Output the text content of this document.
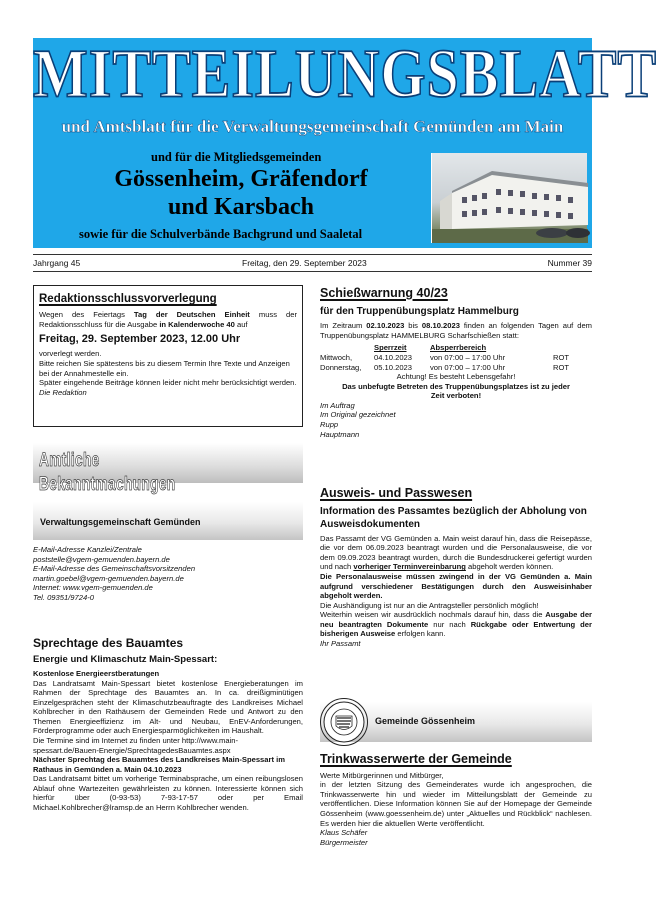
MITTEILUNGSBLATT
und Amtsblatt für die Verwaltungsgemeinschaft Gemünden am Main
und für die Mitgliedsgemeinden
Gössenheim, Gräfendorf
und Karsbach
sowie für die Schulverbände Bachgrund und Saaletal
Jahrgang 45	Freitag, den 29. September 2023	Nummer 39
Redaktionsschlussvorverlegung

Wegen des Feiertags Tag der Deutschen Einheit muss der Redaktionsschluss für die Ausgabe in Kalenderwoche 40 auf

Freitag, 29. September 2023, 12.00 Uhr

vorverlegt werden.

Bitte reichen Sie spätestens bis zu diesem Termin Ihre Texte und Anzeigen bei der Annahmestelle ein.

Später eingehende Beiträge können leider nicht mehr berücksichtigt werden.

Die Redaktion

Amtliche Bekanntmachungen
Verwaltungsgemeinschaft Gemünden

E-Mail-Adresse Kanzlei/Zentrale

poststelle@vgem-gemuenden.bayern.de

E-Mail-Adresse des Gemeinschaftsvorsitzenden

martin.goebel@vgem-gemuenden.bayern.de

Internet: www.vgem-gemuenden.de

Tel. 09351/9724-0

Sprechtage des Bauamtes

Energie und Klimaschutz Main-Spessart:

Kostenlose Energieerstberatungen

Das Landratsamt Main-Spessart bietet kostenlose Energieberatungen im Rahmen der Sprechtage des Bauamtes an. In ca. dreißigminütigen Einzelgesprächen steht der Klimaschutzbeauftragte des Landkreises Michael Kohlbrecher in den Rathäusern der Gemeinden Rede und Antwort zu den Themen Energieeffizienz im Alt- und Neubau, EnEV-Anforderungen, Förderprogramme oder auch Energiesparmöglichkeiten im Haushalt.

Die Termine sind im Internet zu finden unter http://www.main-spessart.de/Bauen-Energie/SprechtagedesBauamtes.aspx

Nächster Sprechtag des Bauamtes des Landkreises Main-Spessart im Rathaus in Gemünden a. Main 04.10.2023

Das Landratsamt bittet um vorherige Terminabsprache, um einen reibungslosen Ablauf ohne Wartezeiten gewährleisten zu können. Interessierte können sich hierfür über (0-93-53) 7-93-17-57 oder per Email Michael.Kohlbrecher@lramsp.de an Herrn Kohlbrecher wenden.

Schießwarnung 40/23

für den Truppenübungsplatz Hammelburg

Im Zeitraum 02.10.2023 bis 08.10.2023 finden an folgenden Tagen auf dem Truppenübungsplatz HAMMELBURG Scharfschießen statt:

	Sperrzeit	Absperrbereich	
Mittwoch,	04.10.2023	von 07:00 – 17:00 Uhr	ROT
Donnerstag,	05.10.2023	von 07:00 – 17:00 Uhr	ROT

Achtung! Es besteht Lebensgefahr!

Das unbefugte Betreten des Truppenübungsplatzes ist zu jeder Zeit verboten!

Im Auftrag

Im Original gezeichnet

Rupp

Hauptmann

Ausweis- und Passwesen

Information des Passamtes bezüglich der Abholung von Ausweisdokumenten

Das Passamt der VG Gemünden a. Main weist darauf hin, dass die Reisepässe, die vor dem 06.09.2023 beantragt wurden und die Personalausweise, die vor dem 09.09.2023 beantragt wurden, durch die Bundesdruckerei gefertigt wurden und nach vorheriger Terminvereinbarung abgeholt werden können.

Die Personalausweise müssen zwingend in der VG Gemünden a. Main aufgrund verschiedener Bestätigungen durch den Ausweisinhaber abgeholt werden.

Die Aushändigung ist nur an die Antragsteller persönlich möglich!

Weiterhin weisen wir ausdrücklich nochmals darauf hin, dass die Ausgabe der neu beantragten Dokumente nur nach Rückgabe oder Entwertung der bisherigen Ausweise erfolgen kann.

Ihr Passamt

Gemeinde Gössenheim
Trinkwasserwerte der Gemeinde

Werte Mitbürgerinnen und Mitbürger,

in der letzten Sitzung des Gemeinderates wurde ich angesprochen, die Trinkwasserwerte hin und wieder im Mitteilungsblatt der Gemeinde zu veröffentlichen. Diese Information können Sie auf der Homepage der Gemeinde Gössenheim (www.goessenheim.de) unter „Aktuelles und Rückblick“ nachlesen. Es werden hier die aktuellen Werte veröffentlicht.

Klaus Schäfer

Bürgermeister
